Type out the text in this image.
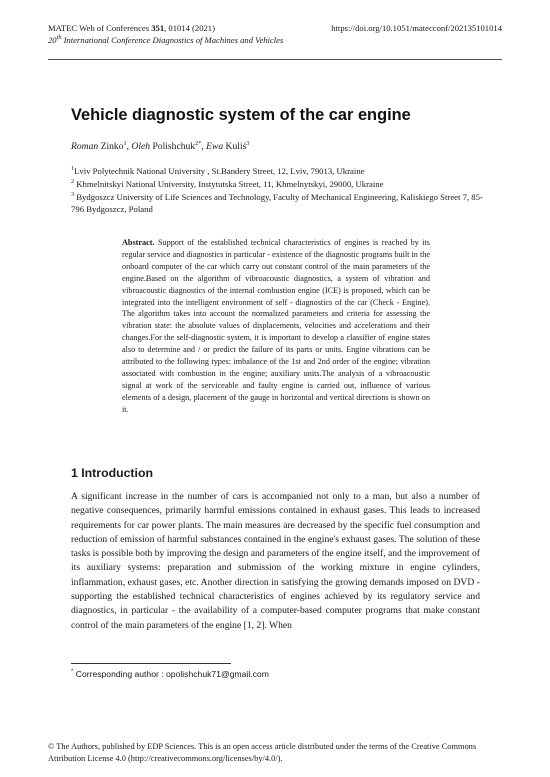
MATEC Web of Conferences 351, 01014 (2021)	https://doi.org/10.1051/matecconf/202135101014
20th International Conference Diagnostics of Machines and Vehicles
Vehicle diagnostic system of the car engine
Roman Zinko$^1$, Oleh Polishchuk$^{2*}$, Ewa Kuliś$^3$
$^1$Lviv Polytechnik National University , St.Bandery Street, 12, Lviv, 79013, Ukraine
$^2$ Khmelnitskyi National University, Instytutska Street, 11, Khmelnytskyi, 29000, Ukraine
$^3$ Bydgoszcz University of Life Sciences and Technology, Faculty of Mechanical Engineering, Kaliskiego Street 7, 85-796 Bydgoszcz, Poland
Abstract. Support of the established technical characteristics of engines is reached by its regular service and diagnostics in particular - existence of the diagnostic programs built in the onboard computer of the car which carry out constant control of the main parameters of the engine.Based on the algorithm of vibroacoustic diagnostics, a system of vibration and vibroacoustic diagnostics of the internal combustion engine (ICE) is proposed, which can be integrated into the intelligent environment of self - diagnostics of the car (Check - Engine). The algorithm takes into account the normalized parameters and criteria for assessing the vibration state: the absolute values of displacements, velocities and accelerations and their changes.For the self-diagnostic system, it is important to develop a classifier of engine states also to determine and / or predict the failure of its parts or units. Engine vibrations can be attributed to the following types: imbalance of the 1st and 2nd order of the engine; vibration associated with combustion in the engine; auxiliary units.The analysis of a vibroacoustic signal at work of the serviceable and faulty engine is carried out, influence of various elements of a design, placement of the gauge in horizontal and vertical directions is shown on it.
1 Introduction
A significant increase in the number of cars is accompanied not only to a man, but also a number of negative consequences, primarily harmful emissions contained in exhaust gases. This leads to increased requirements for car power plants. The main measures are decreased by the specific fuel consumption and reduction of emission of harmful substances contained in the engine's exhaust gases. The solution of these tasks is possible both by improving the design and parameters of the engine itself, and the improvement of its auxiliary systems: preparation and submission of the working mixture in engine cylinders, inflammation, exhaust gases, etc. Another direction in satisfying the growing demands imposed on DVD - supporting the established technical characteristics of engines achieved by its regulatory service and diagnostics, in particular - the availability of a computer-based computer programs that make constant control of the main parameters of the engine [1, 2]. When
* Corresponding author : opolishchuk71@gmail.com
© The Authors, published by EDP Sciences. This is an open access article distributed under the terms of the Creative Commons Attribution License 4.0 (http://creativecommons.org/licenses/by/4.0/).
